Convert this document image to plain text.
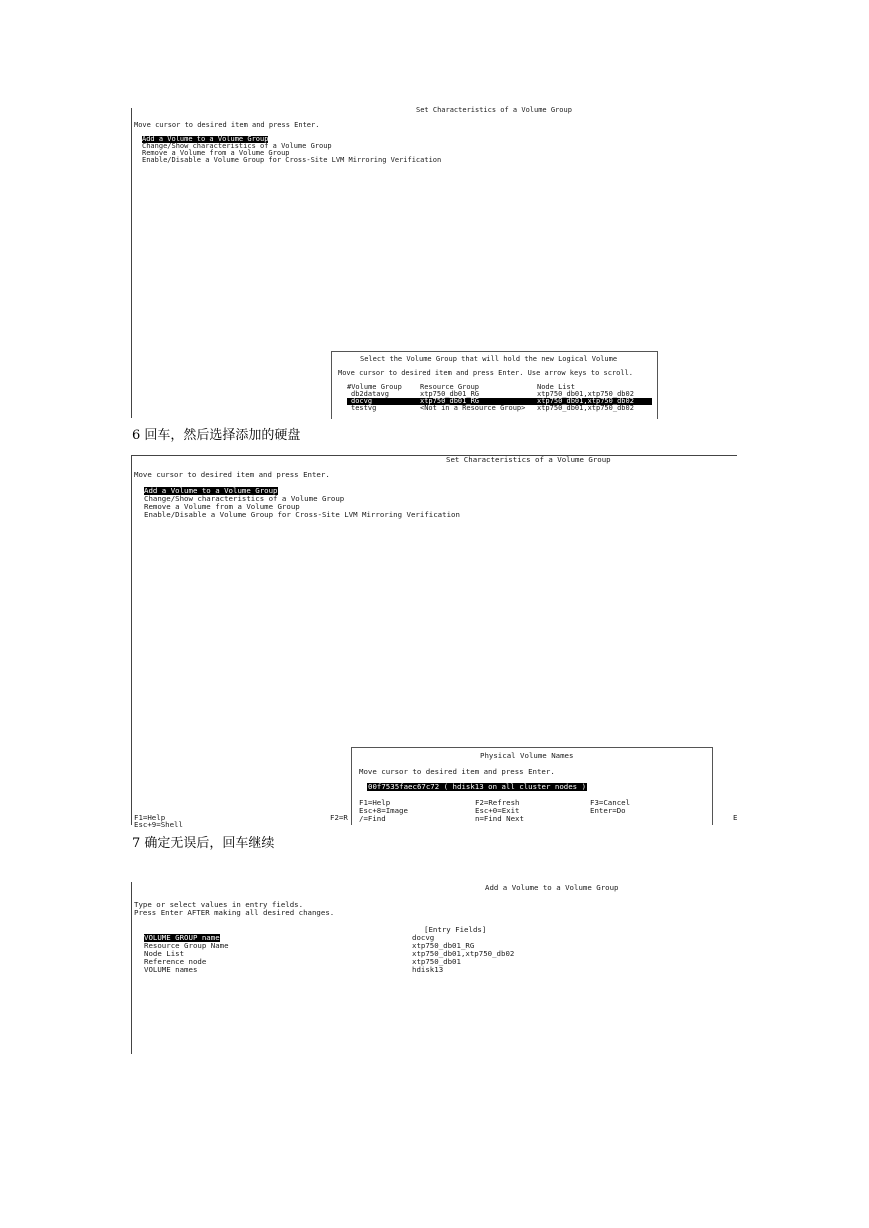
Set Characteristics of a Volume Group
Move cursor to desired item and press Enter.
Add a Volume to a Volume Group
Change/Show characteristics of a Volume Group
Remove a Volume from a Volume Group
Enable/Disable a Volume Group for Cross-Site LVM Mirroring Verification
Select the Volume Group that will hold the new Logical Volume
Move cursor to desired item and press Enter. Use arrow keys to scroll.
#Volume Group	Resource Group	Node List
db2datavg	xtp750_db01_RG	xtp750_db01,xtp750_db02
docvg	xtp750_db01_RG	xtp750_db01,xtp750_db02
testvg	<Not in a Resource Group> xtp750_db01,xtp750_db02
6 回车，然后选择添加的硬盘
Set Characteristics of a Volume Group
Move cursor to desired item and press Enter.
Add a Volume to a Volume Group
Change/Show characteristics of a Volume Group
Remove a Volume from a Volume Group
Enable/Disable a Volume Group for Cross-Site LVM Mirroring Verification
F1=Help
Esc+9=Shell
F2=R	E
Physical Volume Names
Move cursor to desired item and press Enter.
00f7535faec67c72 ( hdisk13 on all cluster nodes )
F1=Help	F2=Refresh	F3=Cancel
Esc+8=Image	Esc+0=Exit	Enter=Do
/=Find	n=Find Next
7 确定无误后，回车继续
Add a Volume to a Volume Group
Type or select values in entry fields.
Press Enter AFTER making all desired changes.
[Entry Fields]
VOLUME GROUP name	docvg
Resource Group Name	xtp750_db01_RG
Node List	xtp750_db01,xtp750_db02
Reference node	xtp750_db01
VOLUME names	hdisk13
